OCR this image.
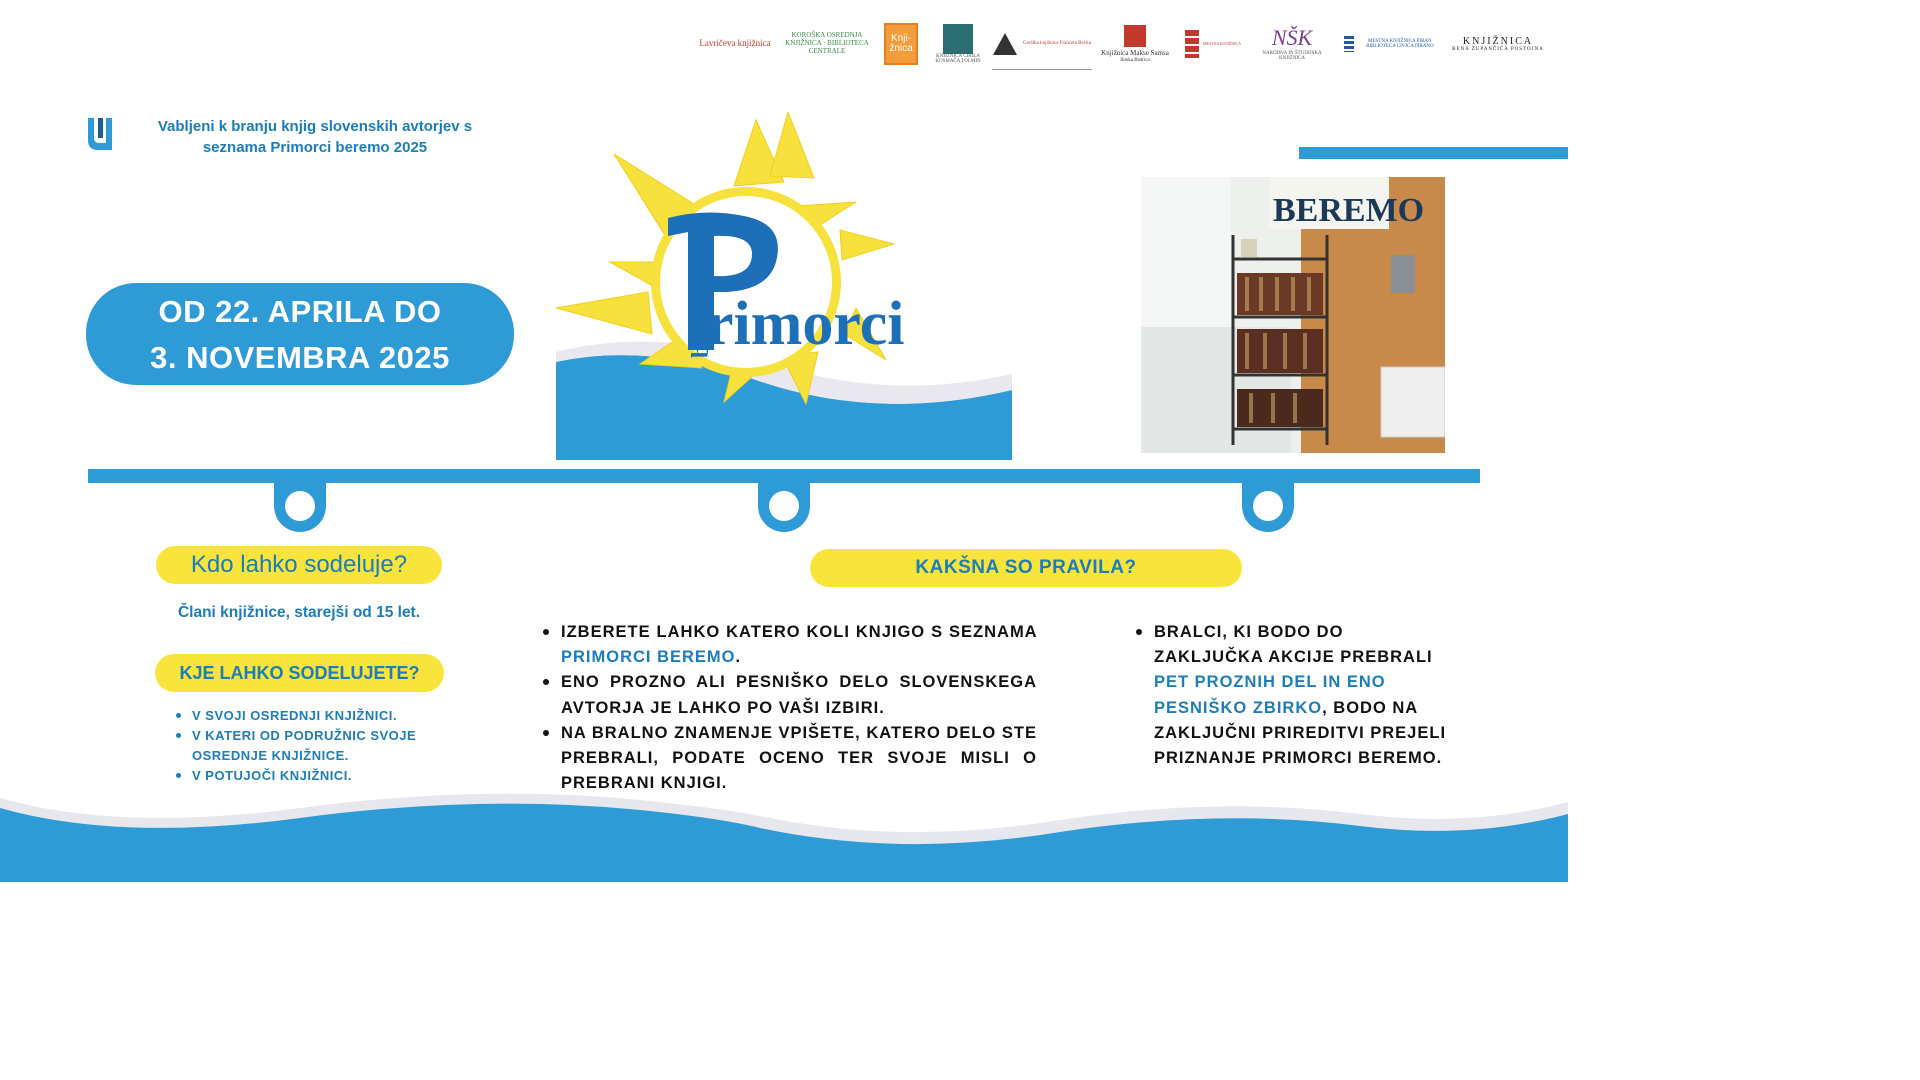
Lavričeva knjižnica
KOROŠKA OSREDNJA KNJIŽNICA · BIBLIOTECA CENTRALE
Knji-žnica
KNJIŽNICA CIRILA KOSMAČA TOLMIN
Goriška knjižnica Franceta Bevka
Knjižnica Makse Samsa
Ilirska Bistrica
MESTNA KNJIŽNICA NŠK
NARODNA IN ŠTUDIJSKA KNJIŽNICA
MESTNA KNJIŽNICA PIRAN BIBLIOTECA CIVICA PIRANO	KNJIŽNICA
BENA ŽUPANČIČA POSTOJNA
Vabljeni k branju knjig slovenskih avtorjev s
seznama Primorci beremo 2025
OD 22. APRILA DO
3. NOVEMBRA 2025	rimorci
beremo
BEREMO
Kdo lahko sodeluje?
Člani knjižnice, starejši od 15 let.
KJE LAHKO SODELUJETE?
V SVOJI OSREDNJI KNJIŽNICI.
V KATERI OD PODRUŽNIC SVOJE OSREDNJE KNJIŽNICE.
V POTUJOČI KNJIŽNICI.
KAKŠNA SO PRAVILA?
IZBERETE LAHKO KATERO KOLI KNJIGO S SEZNAMA PRIMORCI BEREMO.
ENO PROZNO ALI PESNIŠKO DELO SLOVENSKEGA AVTORJA JE LAHKO PO VAŠI IZBIRI.
NA BRALNO ZNAMENJE VPIŠETE, KATERO DELO STE PREBRALI, PODATE OCENO TER SVOJE MISLI O PREBRANI KNJIGI.
BRALCI, KI BODO DO ZAKLJUČKA AKCIJE PREBRALI PET PROZNIH DEL IN ENO PESNIŠKO ZBIRKO, BODO NA ZAKLJUČNI PRIREDITVI PREJELI PRIZNANJE PRIMORCI BEREMO.
